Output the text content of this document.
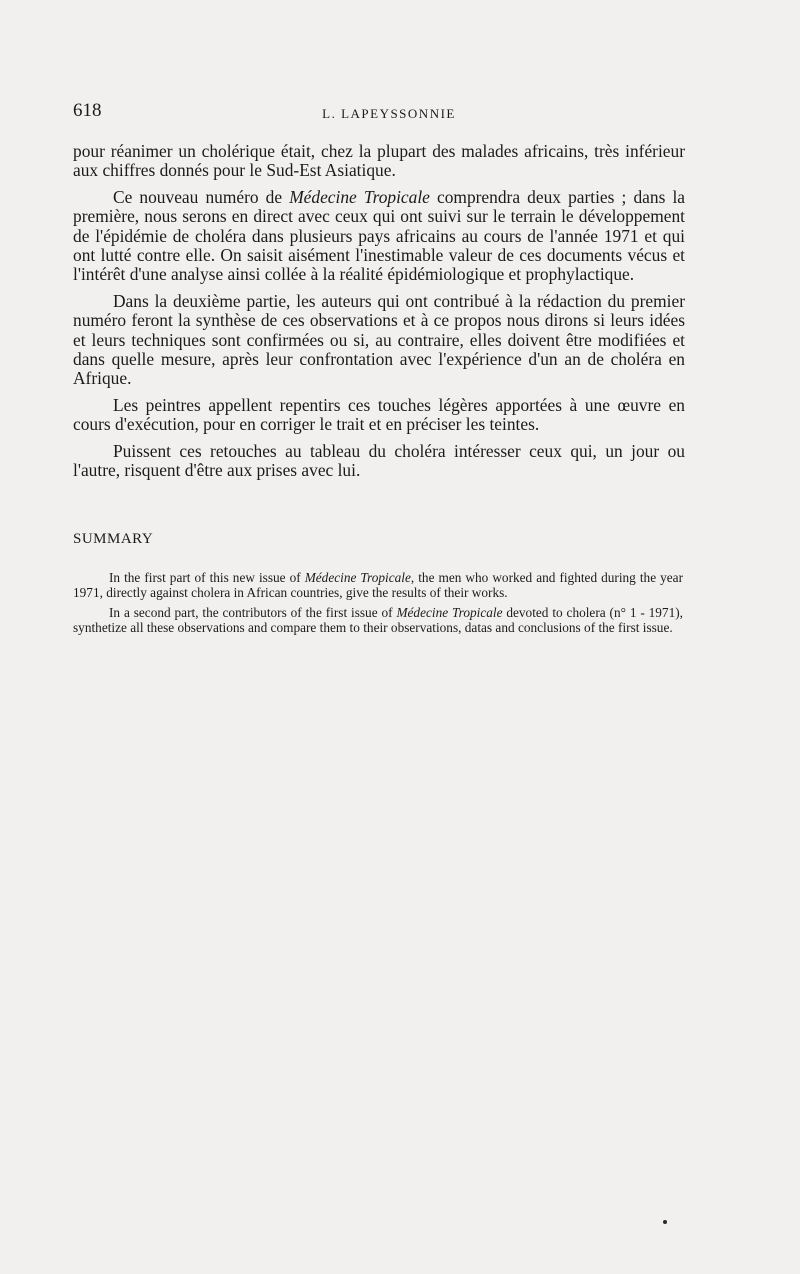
618	L. LAPEYSSONNIE

pour réanimer un cholérique était, chez la plupart des malades africains, très inférieur aux chiffres donnés pour le Sud-Est Asiatique.

Ce nouveau numéro de Médecine Tropicale comprendra deux parties ; dans la première, nous serons en direct avec ceux qui ont suivi sur le terrain le développement de l'épidémie de choléra dans plusieurs pays africains au cours de l'année 1971 et qui ont lutté contre elle. On saisit aisément l'inestimable valeur de ces documents vécus et l'intérêt d'une analyse ainsi collée à la réalité épidémiologique et prophylactique.

Dans la deuxième partie, les auteurs qui ont contribué à la rédaction du premier numéro feront la synthèse de ces observations et à ce propos nous dirons si leurs idées et leurs techniques sont confirmées ou si, au contraire, elles doivent être modifiées et dans quelle mesure, après leur confrontation avec l'expérience d'un an de choléra en Afrique.

Les peintres appellent repentirs ces touches légères apportées à une œuvre en cours d'exécution, pour en corriger le trait et en préciser les teintes.

Puissent ces retouches au tableau du choléra intéresser ceux qui, un jour ou l'autre, risquent d'être aux prises avec lui.

SUMMARY

In the first part of this new issue of Médecine Tropicale, the men who worked and fighted during the year 1971, directly against cholera in African countries, give the results of their works.

In a second part, the contributors of the first issue of Médecine Tropicale devoted to cholera (n° 1 - 1971), synthetize all these observations and compare them to their observations, datas and conclusions of the first issue.
